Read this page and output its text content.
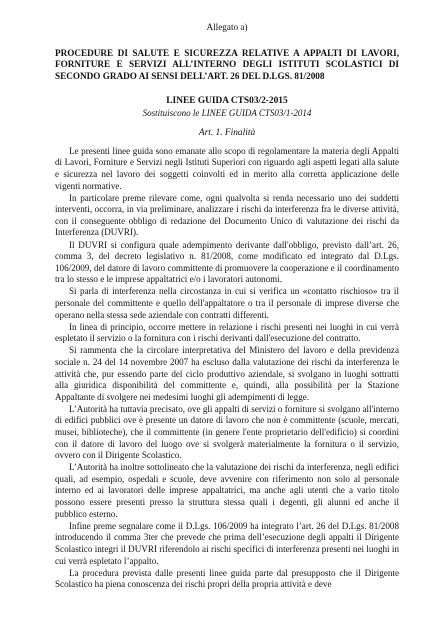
Allegato a)

PROCEDURE DI SALUTE E SICUREZZA RELATIVE A APPALTI DI LAVORI, FORNITURE E SERVIZI ALL’INTERNO DEGLI ISTITUTI SCOLASTICI DI SECONDO GRADO AI SENSI DELL’ART. 26 DEL D.LGS. 81/2008

LINEE GUIDA CTS03/2-2015

Sostituiscono le LINEE GUIDA CTS03/1-2014

Art. 1. Finalità

Le presenti linee guida sono emanate allo scopo di regolamentare la materia degli Appalti di Lavori, Forniture e Servizi negli Istituti Superiori con riguardo agli aspetti legati alla salute e sicurezza nel lavoro dei soggetti coinvolti ed in merito alla corretta applicazione delle vigenti normative.

In particolare preme rilevare come, ogni qualvolta si renda necessario uno dei suddetti interventi, occorra, in via preliminare, analizzare i rischi da interferenza fra le diverse attività, con il conseguente obbligo di redazione del Documento Unico di valutazione dei rischi da Interferenza (DUVRI).

Il DUVRI si configura quale adempimento derivante dall'obbligo, previsto dall’art. 26, comma 3, del decreto legislativo n. 81/2008, come modificato ed integrato dal D.Lgs. 106/2009, del datore di lavoro committente di promuovere la cooperazione e il coordinamento tra lo stesso e le imprese appaltatrici e/o i lavoratori autonomi.

Si parla di interferenza nella circostanza in cui si verifica un «contatto rischioso» tra il personale del committente e quello dell'appaltatore o tra il personale di imprese diverse che operano nella stessa sede aziendale con contratti differenti.

In linea di principio, occorre mettere in relazione i rischi presenti nei luoghi in cui verrà espletato il servizio o la fornitura con i rischi derivanti dall'esecuzione del contratto.

Si rammenta che la circolare interpretativa del Ministero del lavoro e della previdenza sociale n. 24 del 14 novembre 2007 ha escluso dalla valutazione dei rischi da interferenza le attività che, pur essendo parte del ciclo produttivo aziendale, si svolgano in luoghi sottratti alla giuridica disponibilità del committente e, quindi, alla possibilità per la Stazione Appaltante di svolgere nei medesimi luoghi gli adempimenti di legge.

L’Autorità ha tuttavia precisato, ove gli appalti di servizi o forniture si svolgano all'interno di edifici pubblici ove è presente un datore di lavoro che non è committente (scuole, mercati, musei, biblioteche), che il committente (in genere l'ente proprietario dell'edificio) si coordini con il datore di lavoro del luogo ove si svolgerà materialmente la fornitura o il servizio, ovvero con il Dirigente Scolastico.

L’Autorità ha inoltre sottolineato che la valutazione dei rischi da interferenza, negli edifici quali, ad esempio, ospedali e scuole, deve avvenire con riferimento non solo al personale interno ed ai lavoratori delle imprese appaltatrici, ma anche agli utenti che a vario titolo possono essere presenti presso la struttura stessa quali i degenti, gli alunni ed anche il pubblico esterno.

Infine preme segnalare come il D.Lgs. 106/2009 ha integrato l’art. 26 del D.Lgs. 81/2008 introducendo il comma 3ter che prevede che prima dell’esecuzione degli appalti il Dirigente Scolastico integri il DUVRI riferendolo ai rischi specifici di interferenza presenti nei luoghi in cui verrà espletato l’appalto.

La procedura prevista dalle presenti linee guida parte dal presupposto che il Dirigente Scolastico ha piena conoscenza dei rischi propri della propria attività e deve
